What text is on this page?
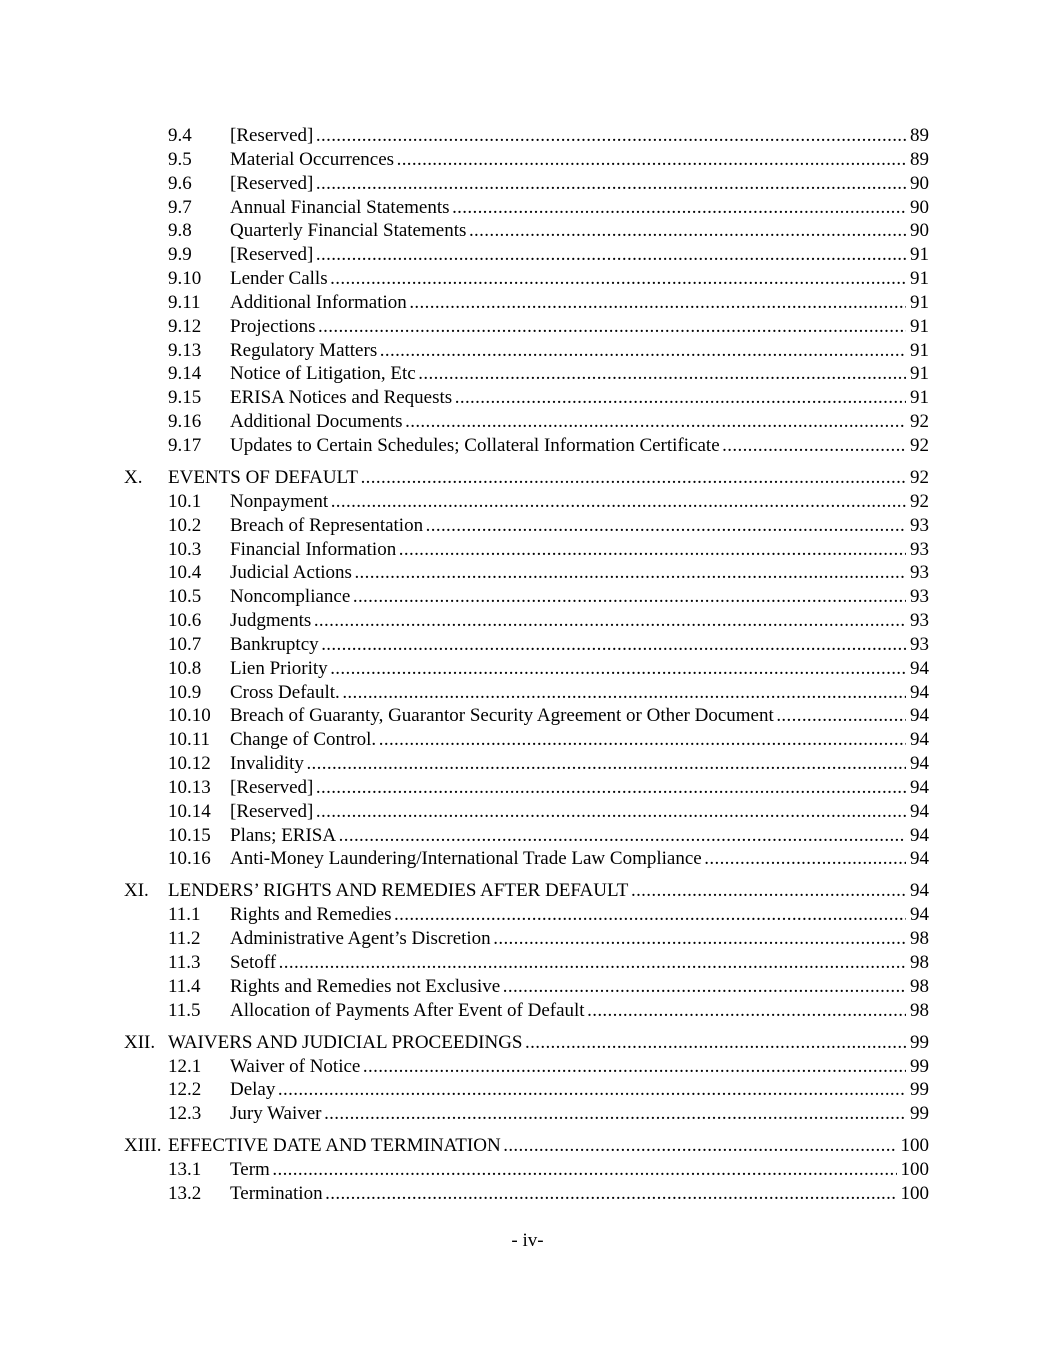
9.4 [Reserved] . . .	89
9.5 Material Occurrences . . .	89
9.6 [Reserved] . . .	90
9.7 Annual Financial Statements . . .	90
9.8 Quarterly Financial Statements . . .	90
9.9 [Reserved] . . .	91
9.10 Lender Calls . . .	91
9.11 Additional Information . . .	91
9.12 Projections . . .	91
9.13 Regulatory Matters . . .	91
9.14 Notice of Litigation, Etc . . .	91
9.15 ERISA Notices and Requests . . .	91
9.16 Additional Documents . . .	92
9.17 Updates to Certain Schedules; Collateral Information Certificate . . .	92
X. EVENTS OF DEFAULT . . .	92
10.1 Nonpayment . . .	92
10.2 Breach of Representation . . .	93
10.3 Financial Information . . .	93
10.4 Judicial Actions . . .	93
10.5 Noncompliance . . .	93
10.6 Judgments . . .	93
10.7 Bankruptcy . . .	93
10.8 Lien Priority . . .	94
10.9 Cross Default. . . .	94
10.10 Breach of Guaranty, Guarantor Security Agreement or Other Document . . .	94
10.11 Change of Control. . . .	94
10.12 Invalidity . . .	94
10.13 [Reserved] . . .	94
10.14 [Reserved] . . .	94
10.15 Plans; ERISA . . .	94
10.16 Anti-Money Laundering/International Trade Law Compliance . . .	94
XI. LENDERS’ RIGHTS AND REMEDIES AFTER DEFAULT . . .	94
11.1 Rights and Remedies . . .	94
11.2 Administrative Agent’s Discretion . . .	98
11.3 Setoff . . .	98
11.4 Rights and Remedies not Exclusive . . .	98
11.5 Allocation of Payments After Event of Default . . .	98
XII. WAIVERS AND JUDICIAL PROCEEDINGS . . .	99
12.1 Waiver of Notice . . .	99
12.2 Delay . . .	99
12.3 Jury Waiver . . .	99
XIII. EFFECTIVE DATE AND TERMINATION . . .	100
13.1 Term . . .	100
13.2 Termination . . .	100
- iv-
